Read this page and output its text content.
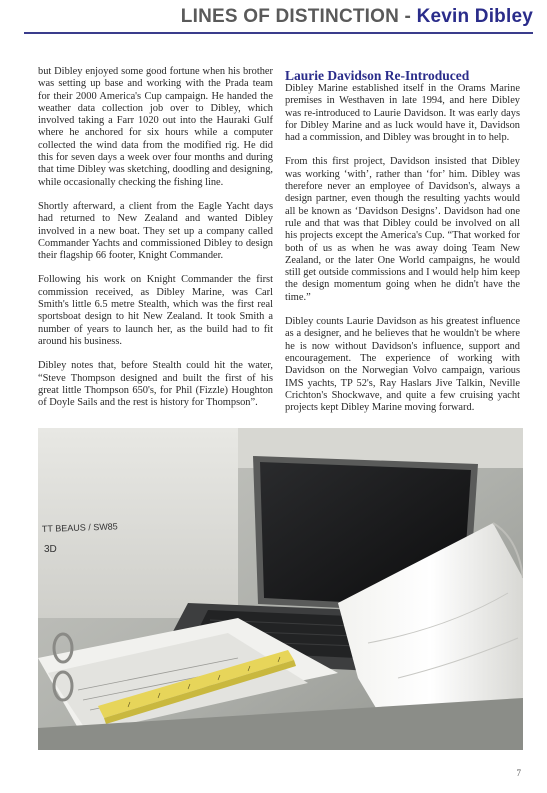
LINES OF DISTINCTION - Kevin Dibley

but Dibley enjoyed some good fortune when his brother was setting up base and working with the Prada team for their 2000 America's Cup campaign. He handed the weather data collection job over to Dibley, which involved taking a Farr 1020 out into the Hauraki Gulf where he anchored for six hours while a computer collected the wind data from the modified rig. He did this for seven days a week over four months and during that time Dibley was sketching, doodling and designing, while occasionally checking the fishing line.

Shortly afterward, a client from the Eagle Yacht days had returned to New Zealand and wanted Dibley involved in a new boat. They set up a company called Commander Yachts and commissioned Dibley to design their flagship 66 footer, Knight Commander.

Following his work on Knight Commander the first commission received, as Dibley Marine, was Carl Smith's little 6.5 metre Stealth, which was the first real sportsboat design to hit New Zealand. It took Smith a number of years to launch her, as the build had to fit around his business.

Dibley notes that, before Stealth could hit the water, “Steve Thompson designed and built the first of his great little Thompson 650's, for Phil (Fizzle) Houghton of Doyle Sails and the rest is history for Thompson”.

Laurie Davidson Re-Introduced

Dibley Marine established itself in the Orams Marine premises in Westhaven in late 1994, and here Dibley was re-introduced to Laurie Davidson. It was early days for Dibley Marine and as luck would have it, Davidson had a commission, and Dibley was brought in to help.

From this first project, Davidson insisted that Dibley was working ‘with’, rather than ‘for’ him. Dibley was therefore never an employee of Davidson's, always a design partner, even though the resulting yachts would all be known as ‘Davidson Designs’. Davidson had one rule and that was that Dibley could be involved on all his projects except the America's Cup. “That worked for both of us as when he was away doing Team New Zealand, or the later One World campaigns, he would still get outside commissions and I would help him keep the design momentum going when he didn't have the time.”

Dibley counts Laurie Davidson as his greatest influence as a designer, and he believes that he wouldn't be where he is now without Davidson's influence, support and encouragement. The experience of working with Davidson on the Norwegian Volvo campaign, various IMS yachts, TP 52's, Ray Haslars Jive Talkin, Neville Crichton's Shockwave, and quite a few cruising yacht projects kept Dibley Marine moving forward.

TT BEAUS / SW85
3D
7
